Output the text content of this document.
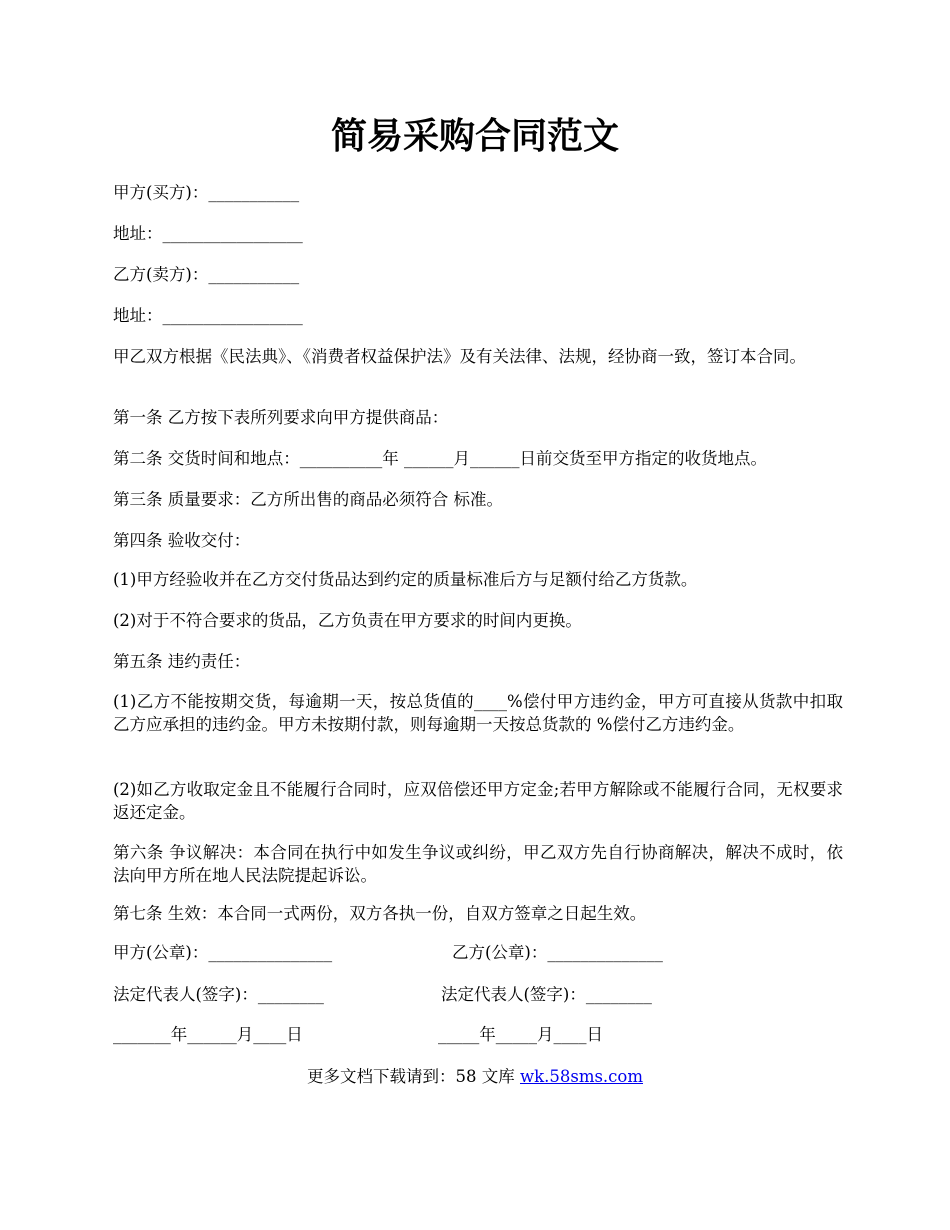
简易采购合同范文
甲方(买方)：___________
地址：_________________
乙方(卖方)：___________
地址：_________________
甲乙双方根据《民法典》、《消费者权益保护法》及有关法律、法规，经协商一致，签订本合同。
第一条 乙方按下表所列要求向甲方提供商品：
第二条 交货时间和地点：__________年 ______月______日前交货至甲方指定的收货地点。
第三条 质量要求：乙方所出售的商品必须符合 标准。
第四条 验收交付：
(1)甲方经验收并在乙方交付货品达到约定的质量标准后方与足额付给乙方货款。
(2)对于不符合要求的货品，乙方负责在甲方要求的时间内更换。
第五条 违约责任：
(1)乙方不能按期交货，每逾期一天，按总货值的____%偿付甲方违约金，甲方可直接从货款中扣取乙方应承担的违约金。甲方未按期付款，则每逾期一天按总货款的 %偿付乙方违约金。
(2)如乙方收取定金且不能履行合同时，应双倍偿还甲方定金;若甲方解除或不能履行合同，无权要求返还定金。
第六条 争议解决：本合同在执行中如发生争议或纠纷，甲乙双方先自行协商解决，解决不成时，依法向甲方所在地人民法院提起诉讼。
第七条 生效：本合同一式两份，双方各执一份，自双方签章之日起生效。
甲方(公章)：_______________	乙方(公章)：______________
法定代表人(签字)：________	法定代表人(签字)：________
_______年______月____日	_____年_____月____日
更多文档下载请到：58 文库 wk.58sms.com
